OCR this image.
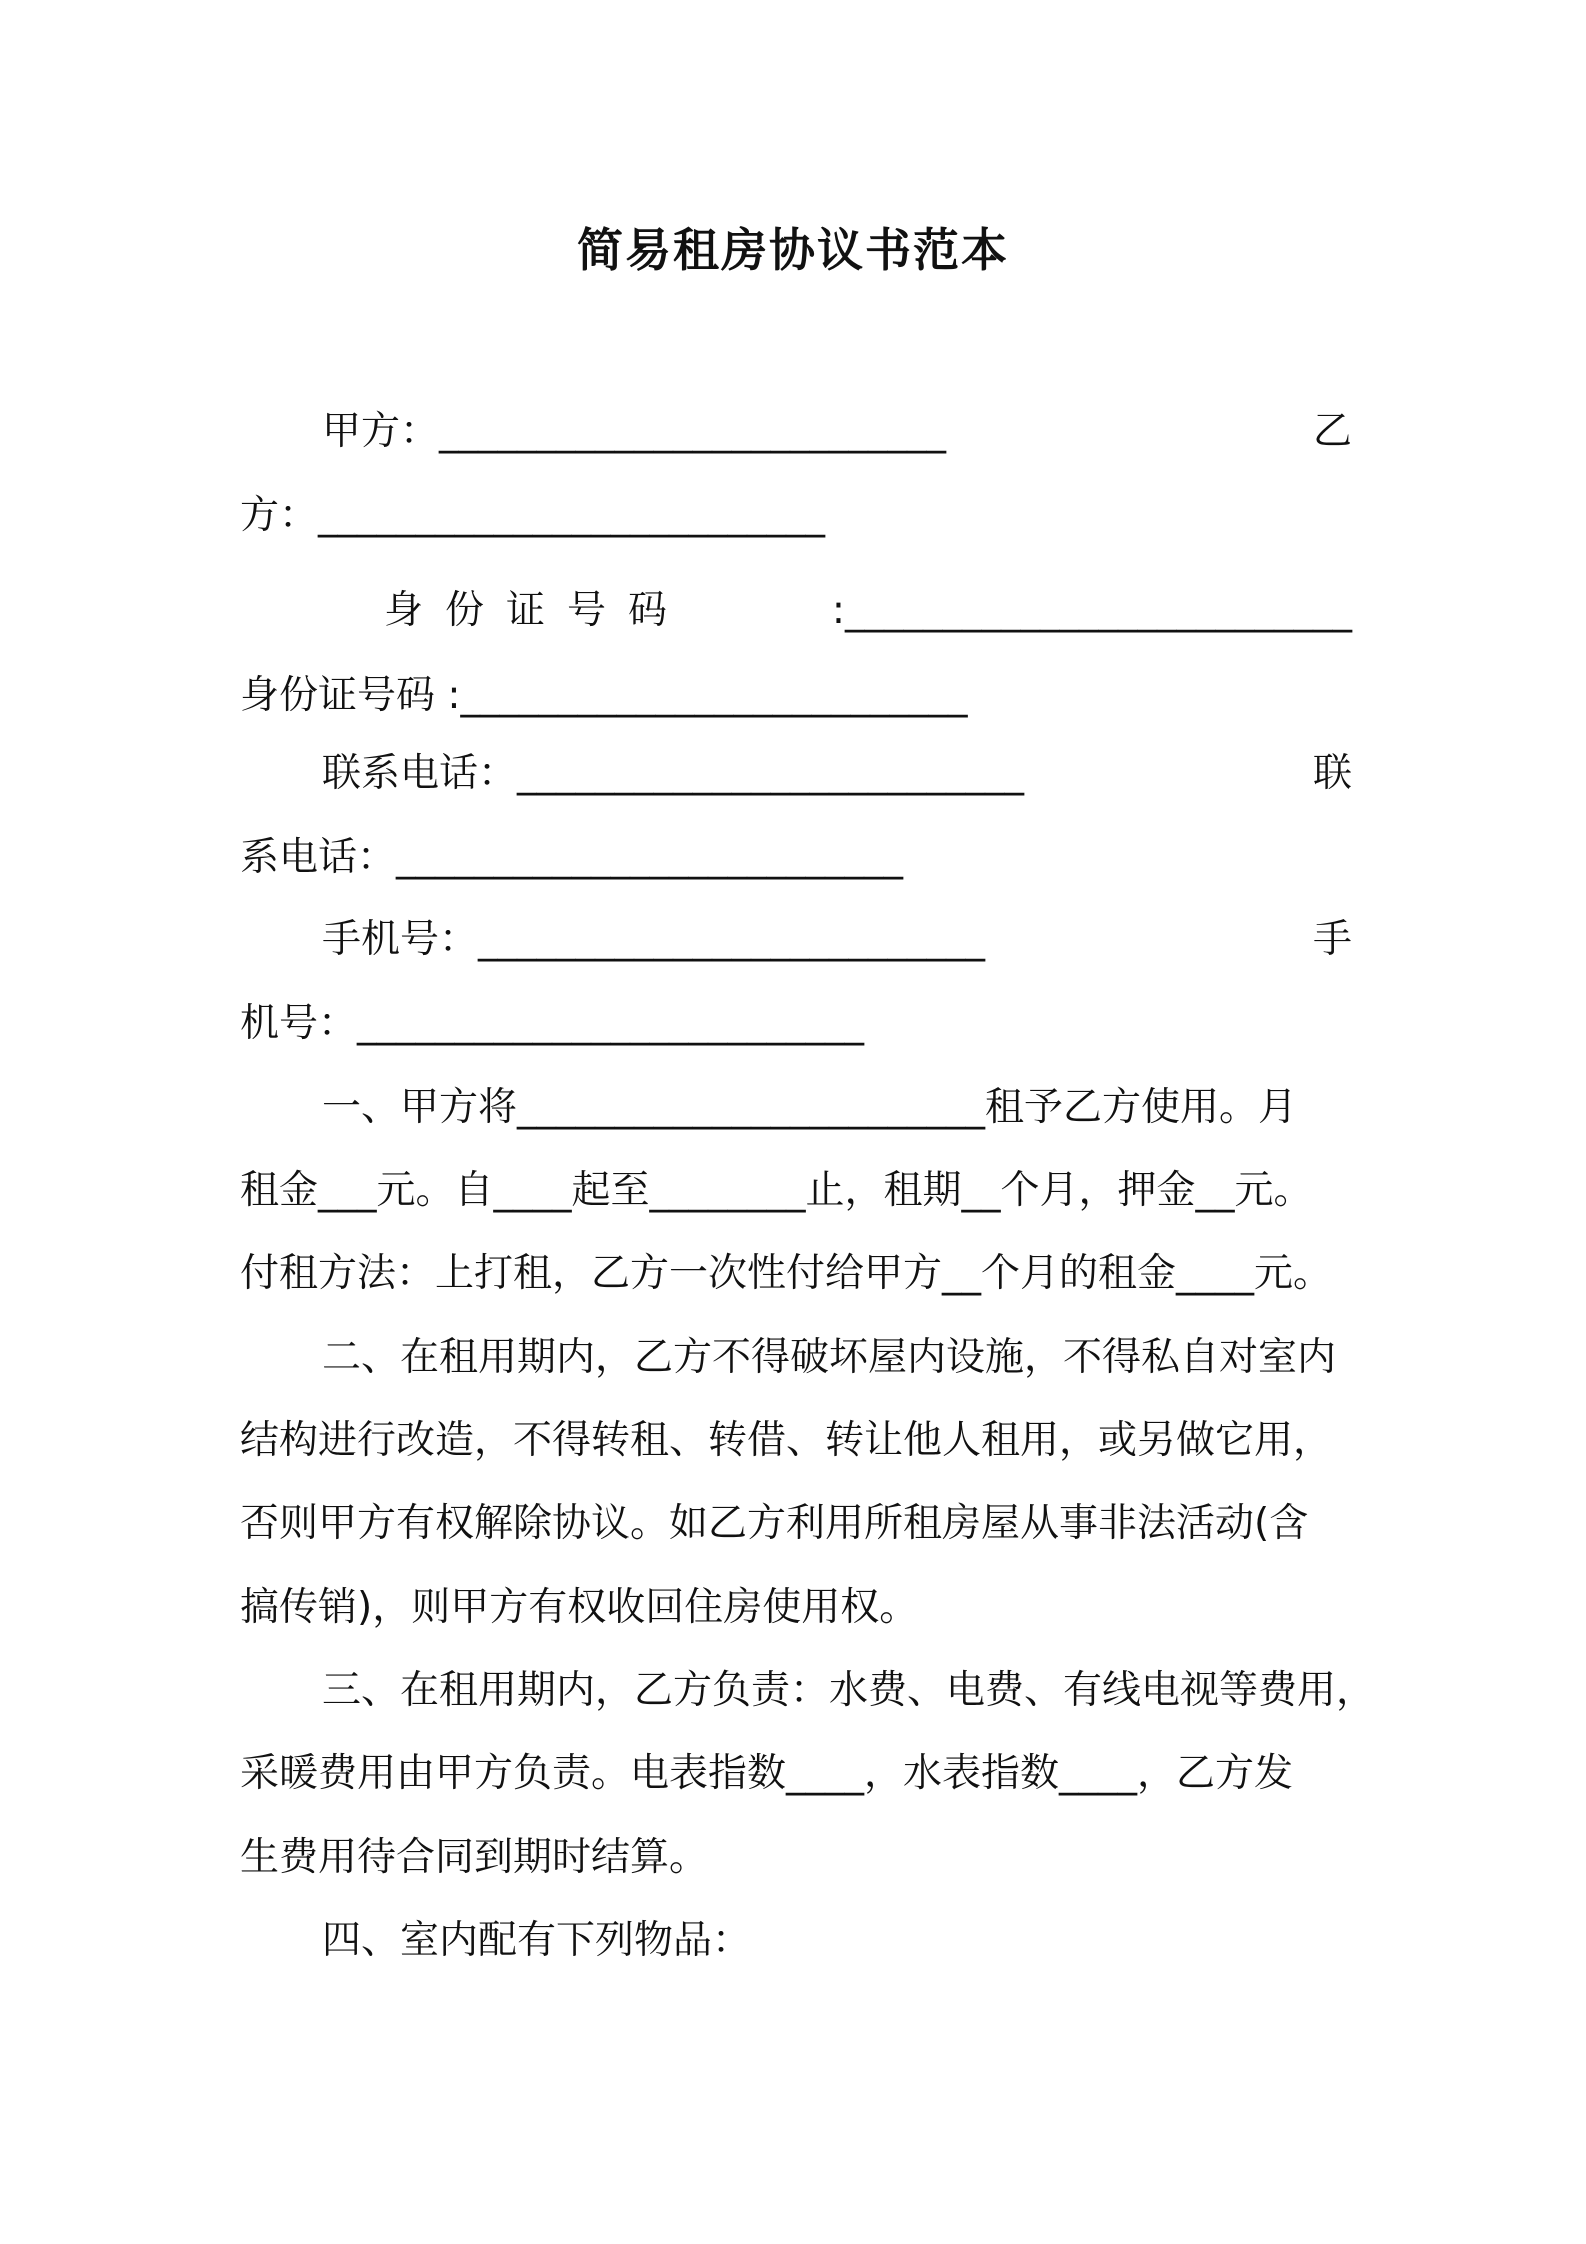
简易租房协议书范本
甲方：__________________________	乙
方：__________________________
身份证号码	:__________________________
身份证号码 :__________________________
联系电话：__________________________	联
系电话：__________________________
手机号：__________________________	手
机号：__________________________
一、甲方将________________________租予乙方使用。月
租金___元。自____起至________止，租期__个月，押金__元。
付租方法：上打租，乙方一次性付给甲方__个月的租金____元。
二、在租用期内，乙方不得破坏屋内设施，不得私自对室内
结构进行改造，不得转租、转借、转让他人租用，或另做它用，
否则甲方有权解除协议。如乙方利用所租房屋从事非法活动(含
搞传销)，则甲方有权收回住房使用权。
三、在租用期内，乙方负责：水费、电费、有线电视等费用，
采暖费用由甲方负责。电表指数____，水表指数____，乙方发
生费用待合同到期时结算。
四、室内配有下列物品：
